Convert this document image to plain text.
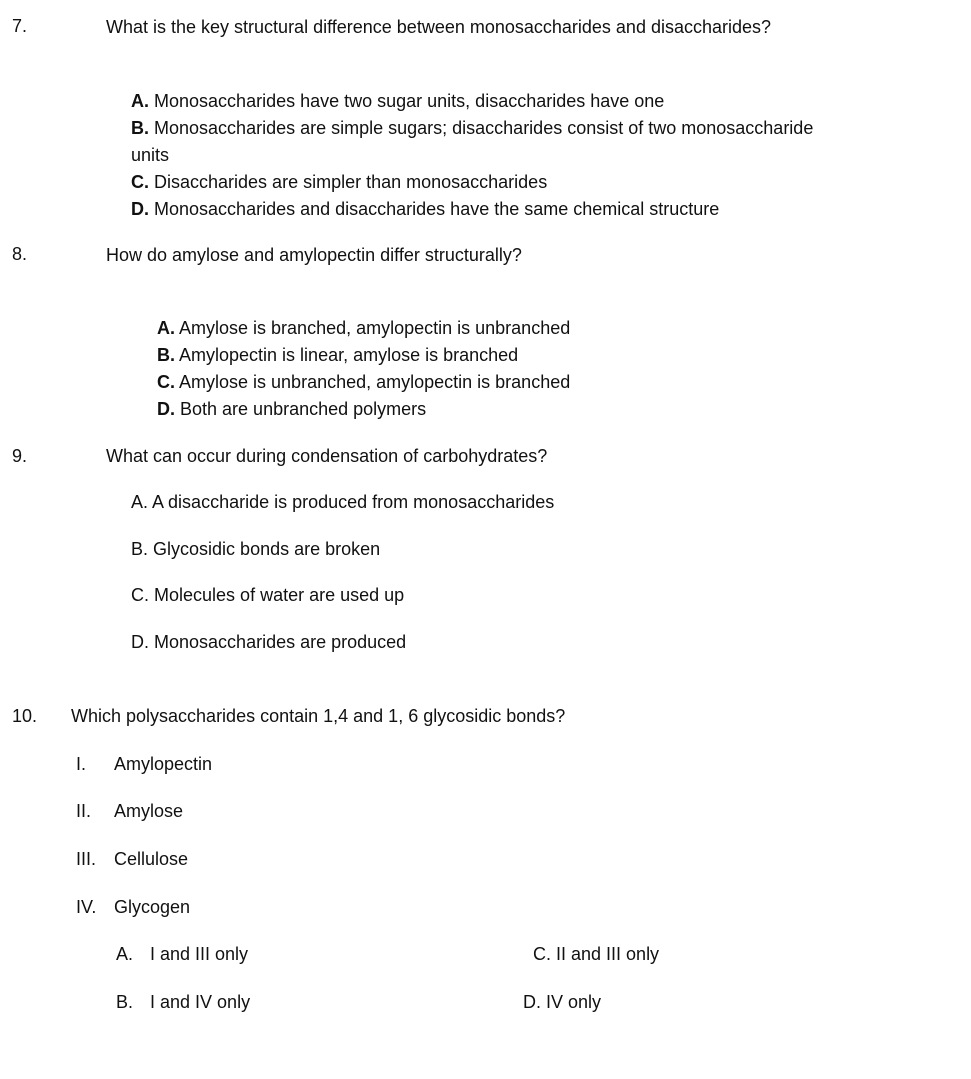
7.	What is the key structural difference between monosaccharides and disaccharides?
A. Monosaccharides have two sugar units, disaccharides have one
B. Monosaccharides are simple sugars; disaccharides consist of two monosaccharide
units
C. Disaccharides are simpler than monosaccharides
D. Monosaccharides and disaccharides have the same chemical structure
8.	How do amylose and amylopectin differ structurally?
A. Amylose is branched, amylopectin is unbranched
B. Amylopectin is linear, amylose is branched
C. Amylose is unbranched, amylopectin is branched
D. Both are unbranched polymers
9.	What can occur during condensation of carbohydrates?
A. A disaccharide is produced from monosaccharides
B. Glycosidic bonds are broken
C. Molecules of water are used up
D. Monosaccharides are produced
10. Which polysaccharides contain 1,4 and 1, 6 glycosidic bonds?
I.	Amylopectin
II.	Amylose
III. Cellulose
IV. Glycogen
A. I and III only	C. II and III only
B. I and IV only	D. IV only
